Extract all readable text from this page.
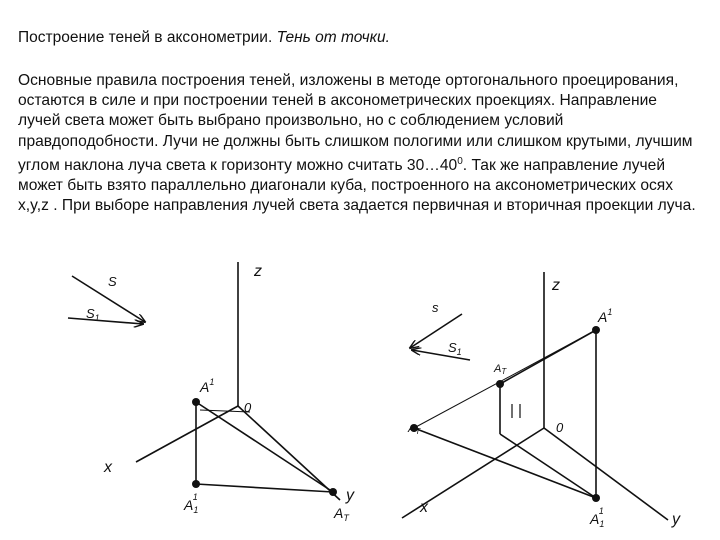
Построение теней в аксонометрии. Тень от точки.
Основные правила построения теней, изложены в методе ортогонального проецирования, остаются в силе и при построении теней в аксонометрических проекциях. Направление лучей света может быть выбрано произвольно, но с соблюдением условий правдоподобности. Лучи не должны быть слишком пологими или слишком крутыми, лучшим углом наклона луча света к горизонту можно считать $30\dots 40^0$. Так же направление лучей может быть взято параллельно диагонали куба, построенного на аксонометрических осях x,y,z . При выборе направления лучей света задается первичная и вторичная проекции луча.
S
$S_1$
z
x
y
0
$A^1$
$A_11$
$A_T$
s
$S_1$
z
x
y
0
$A^1$
AT
AT
$A_11$
